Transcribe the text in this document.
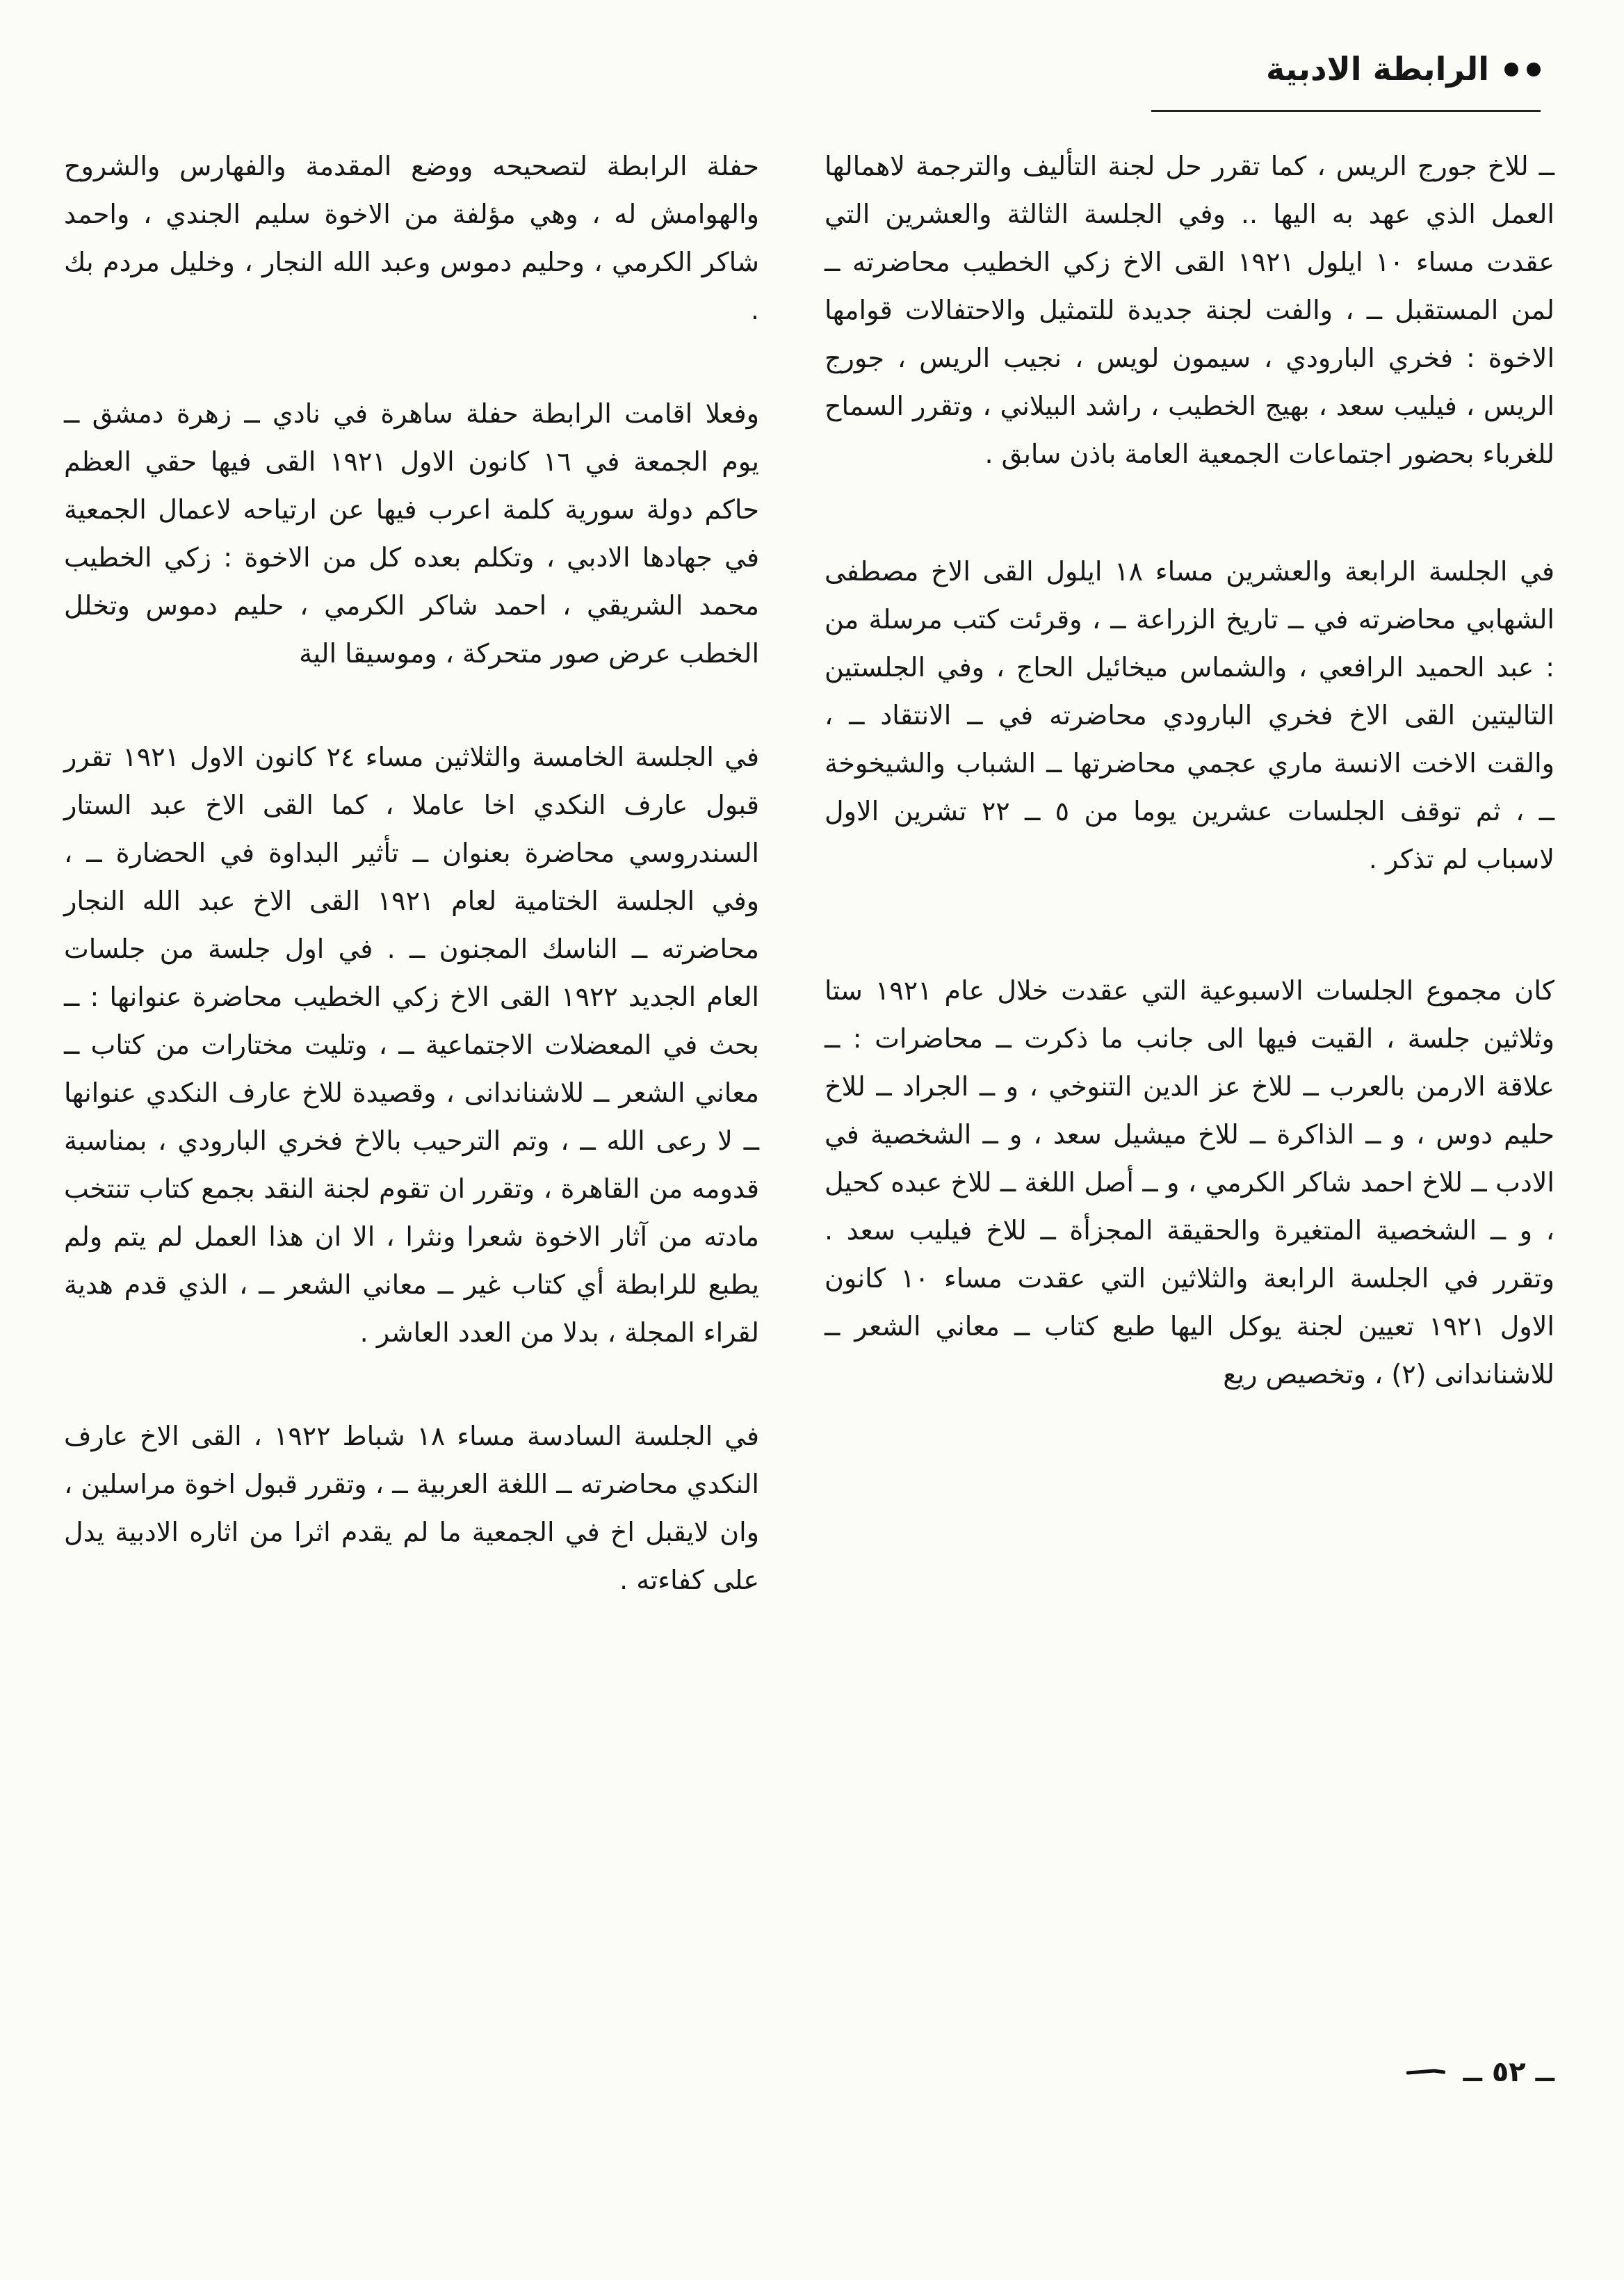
الرابطة الادبية

ــ للاخ جورج الريس ، كما تقرر حل لجنة التأليف والترجمة لاهمالها العمل الذي عهد به اليها .. وفي الجلسة الثالثة والعشرين التي عقدت مساء ١٠ ايلول ١٩٢١ القى الاخ زكي الخطيب محاضرته ــ لمن المستقبل ــ ، والفت لجنة جديدة للتمثيل والاحتفالات قوامها الاخوة : فخري البارودي ، سيمون لويس ، نجيب الريس ، جورج الريس ، فيليب سعد ، بهيج الخطيب ، راشد البيلاني ، وتقرر السماح للغرباء بحضور اجتماعات الجمعية العامة باذن سابق .

في الجلسة الرابعة والعشرين مساء ١٨ ايلول القى الاخ مصطفى الشهابي محاضرته في ــ تاريخ الزراعة ــ ، وقرئت كتب مرسلة من : عبد الحميد الرافعي ، والشماس ميخائيل الحاج ، وفي الجلستين التاليتين القى الاخ فخري البارودي محاضرته في ــ الانتقاد ــ ، والقت الاخت الانسة ماري عجمي محاضرتها ــ الشباب والشيخوخة ــ ، ثم توقف الجلسات عشرين يوما من ٥ ــ ٢٢ تشرين الاول لاسباب لم تذكر .

كان مجموع الجلسات الاسبوعية التي عقدت خلال عام ١٩٢١ ستا وثلاثين جلسة ، القيت فيها الى جانب ما ذكرت ــ محاضرات : ــ علاقة الارمن بالعرب ــ للاخ عز الدين التنوخي ، و ــ الجراد ــ للاخ حليم دوس ، و ــ الذاكرة ــ للاخ ميشيل سعد ، و ــ الشخصية في الادب ــ للاخ احمد شاكر الكرمي ، و ــ أصل اللغة ــ للاخ عبده كحيل ، و ــ الشخصية المتغيرة والحقيقة المجزأة ــ للاخ فيليب سعد . وتقرر في الجلسة الرابعة والثلاثين التي عقدت مساء ١٠ كانون الاول ١٩٢١ تعيين لجنة يوكل اليها طبع كتاب ــ معاني الشعر ــ للاشناندانى (٢) ، وتخصيص ريع

حفلة الرابطة لتصحيحه ووضع المقدمة والفهارس والشروح والهوامش له ، وهي مؤلفة من الاخوة سليم الجندي ، واحمد شاكر الكرمي ، وحليم دموس وعبد الله النجار ، وخليل مردم بك .

وفعلا اقامت الرابطة حفلة ساهرة في نادي ــ زهرة دمشق ــ يوم الجمعة في ١٦ كانون الاول ١٩٢١ القى فيها حقي العظم حاكم دولة سورية كلمة اعرب فيها عن ارتياحه لاعمال الجمعية في جهادها الادبي ، وتكلم بعده كل من الاخوة : زكي الخطيب محمد الشريقي ، احمد شاكر الكرمي ، حليم دموس وتخلل الخطب عرض صور متحركة ، وموسيقا الية

في الجلسة الخامسة والثلاثين مساء ٢٤ كانون الاول ١٩٢١ تقرر قبول عارف النكدي اخا عاملا ، كما القى الاخ عبد الستار السندروسي محاضرة بعنوان ــ تأثير البداوة في الحضارة ــ ، وفي الجلسة الختامية لعام ١٩٢١ القى الاخ عبد الله النجار محاضرته ــ الناسك المجنون ــ . في اول جلسة من جلسات العام الجديد ١٩٢٢ القى الاخ زكي الخطيب محاضرة عنوانها : ــ بحث في المعضلات الاجتماعية ــ ، وتليت مختارات من كتاب ــ معاني الشعر ــ للاشناندانى ، وقصيدة للاخ عارف النكدي عنوانها ــ لا رعى الله ــ ، وتم الترحيب بالاخ فخري البارودي ، بمناسبة قدومه من القاهرة ، وتقرر ان تقوم لجنة النقد بجمع كتاب تنتخب مادته من آثار الاخوة شعرا ونثرا ، الا ان هذا العمل لم يتم ولم يطبع للرابطة أي كتاب غير ــ معاني الشعر ــ ، الذي قدم هدية لقراء المجلة ، بدلا من العدد العاشر .

في الجلسة السادسة مساء ١٨ شباط ١٩٢٢ ، القى الاخ عارف النكدي محاضرته ــ اللغة العربية ــ ، وتقرر قبول اخوة مراسلين ، وان لايقبل اخ في الجمعية ما لم يقدم اثرا من اثاره الادبية يدل على كفاءته .

ــ ٥٢ ــ
